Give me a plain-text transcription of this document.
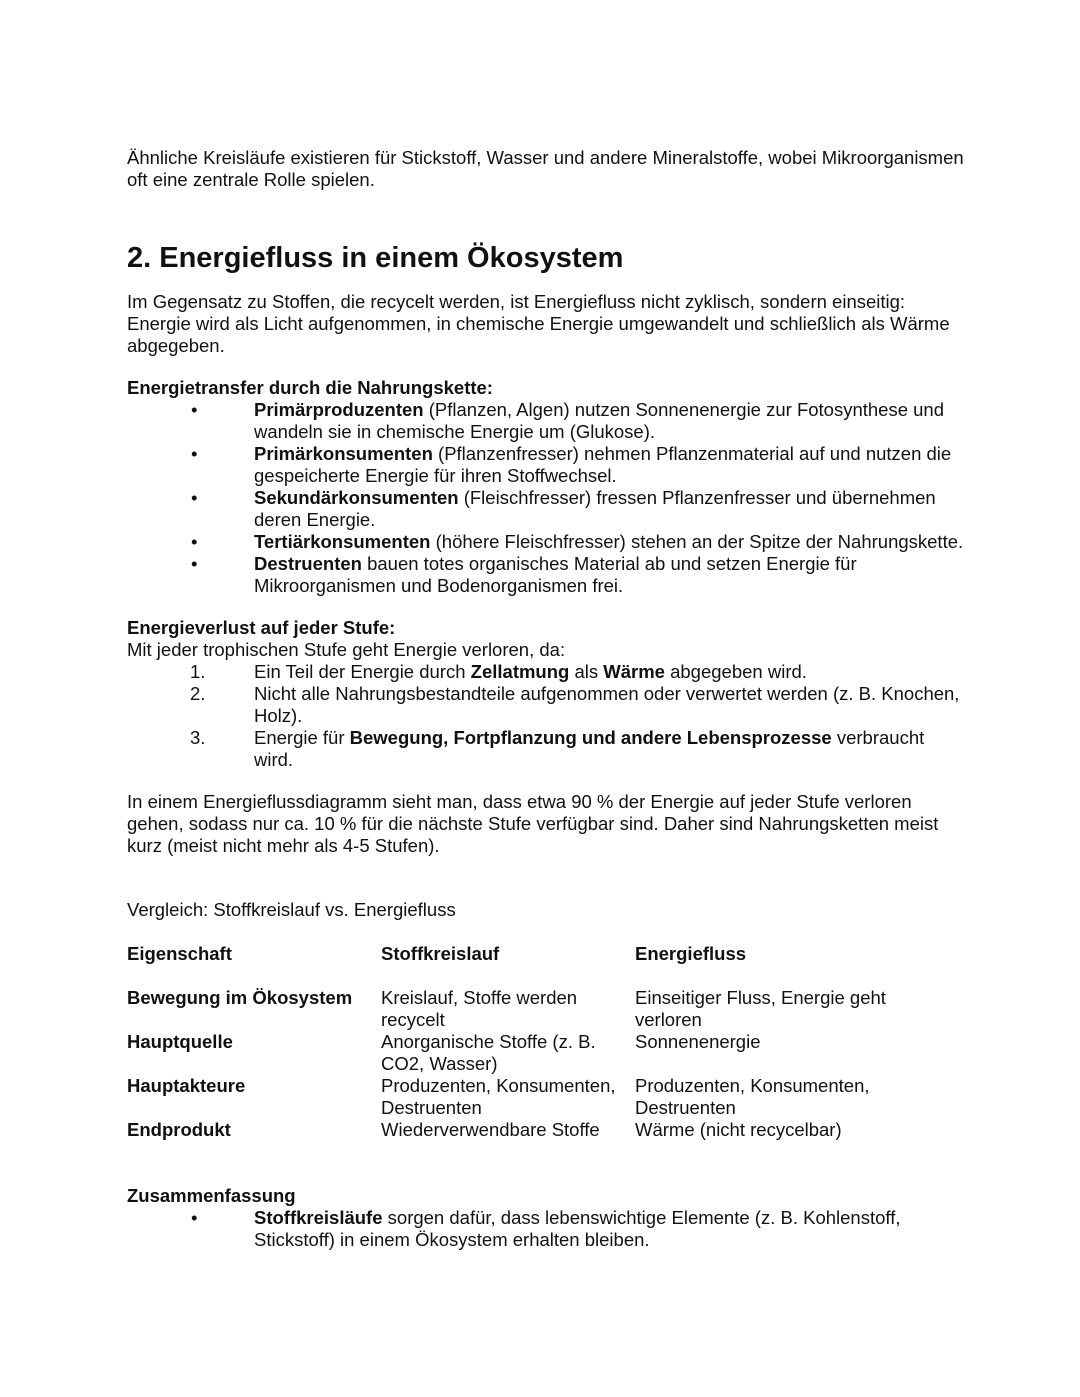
Ähnliche Kreisläufe existieren für Stickstoff, Wasser und andere Mineralstoffe, wobei Mikroorganismen oft eine zentrale Rolle spielen.

2. Energiefluss in einem Ökosystem

Im Gegensatz zu Stoffen, die recycelt werden, ist Energiefluss nicht zyklisch, sondern einseitig: Energie wird als Licht aufgenommen, in chemische Energie umgewandelt und schließlich als Wärme abgegeben.

Energietransfer durch die Nahrungskette:

•	Primärproduzenten (Pflanzen, Algen) nutzen Sonnenenergie zur Fotosynthese und wandeln sie in chemische Energie um (Glukose).
•	Primärkonsumenten (Pflanzenfresser) nehmen Pflanzenmaterial auf und nutzen die gespeicherte Energie für ihren Stoffwechsel.
•	Sekundärkonsumenten (Fleischfresser) fressen Pflanzenfresser und übernehmen deren Energie.
•	Tertiärkonsumenten (höhere Fleischfresser) stehen an der Spitze der Nahrungskette.
•	Destruenten bauen totes organisches Material ab und setzen Energie für Mikroorganismen und Bodenorganismen frei.

Energieverlust auf jeder Stufe:

Mit jeder trophischen Stufe geht Energie verloren, da:

1.	Ein Teil der Energie durch Zellatmung als Wärme abgegeben wird.
2.	Nicht alle Nahrungsbestandteile aufgenommen oder verwertet werden (z. B. Knochen, Holz).
3.	Energie für Bewegung, Fortpflanzung und andere Lebensprozesse verbraucht wird.

In einem Energieflussdiagramm sieht man, dass etwa 90 % der Energie auf jeder Stufe verloren gehen, sodass nur ca. 10 % für die nächste Stufe verfügbar sind. Daher sind Nahrungsketten meist kurz (meist nicht mehr als 4-5 Stufen).

Vergleich: Stoffkreislauf vs. Energiefluss

Eigenschaft	Stoffkreislauf	Energiefluss
Bewegung im Ökosystem	Kreislauf, Stoffe werden recycelt	Einseitiger Fluss, Energie geht verloren
Hauptquelle	Anorganische Stoffe (z. B. CO2, Wasser)	Sonnenenergie
Hauptakteure	Produzenten, Konsumenten, Destruenten	Produzenten, Konsumenten, Destruenten
Endprodukt	Wiederverwendbare Stoffe	Wärme (nicht recycelbar)

Zusammenfassung

•	Stoffkreisläufe sorgen dafür, dass lebenswichtige Elemente (z. B. Kohlenstoff, Stickstoff) in einem Ökosystem erhalten bleiben.
